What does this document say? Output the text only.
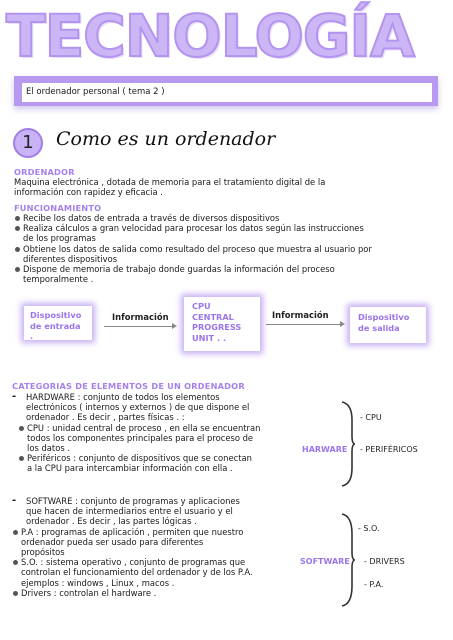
TECNOLOGÍA
El ordenador personal ( tema 2 )
1	Como es un ordenador
ORDENADOR
Maquina electrónica , dotada de memoria para el tratamiento digital de la
información con rapidez y eficacia .
FUNCIONAMIENTO
Recibe los datos de entrada a través de diversos dispositivos
Realiza cálculos a gran velocidad para procesar los datos según las instrucciones
de los programas
Obtiene los datos de salida como resultado del proceso que muestra al usuario por
diferentes dispositivos
Dispone de memoria de trabajo donde guardas la información del proceso
temporalmente .
Dispositivo
de entrada .
Información
CPU
CENTRAL
PROGRESS
UNIT . .
Información	Dispositivo
de salida
CATEGORIAS DE ELEMENTOS DE UN ORDENADOR
- HARDWARE : conjunto de todos los elementos
electrónicos ( internos y externos ) de que dispone el
ordenador . Es decir , partes físicas . :
CPU : unidad central de proceso , en ella se encuentran
todos los componentes principales para el proceso de
los datos .
Periféricos : conjunto de dispositivos que se conectan
a la CPU para intercambiar información con ella .
HARWARE
- CPU
- PERIFÉRICOS
- SOFTWARE : conjunto de programas y aplicaciones
que hacen de intermediarios entre el usuario y el
ordenador . Es decir , las partes lógicas .
P.A : programas de aplicación , permiten que nuestro
ordenador pueda ser usado para diferentes
propósitos
S.O. : sistema operativo , conjunto de programas que
controlan el funcionamiento del ordenador y de los P.A.
ejemplos : windows , Linux , macos .
Drivers : controlan el hardware .
SOFTWARE
- S.O.
- DRIVERS
- P.A.
